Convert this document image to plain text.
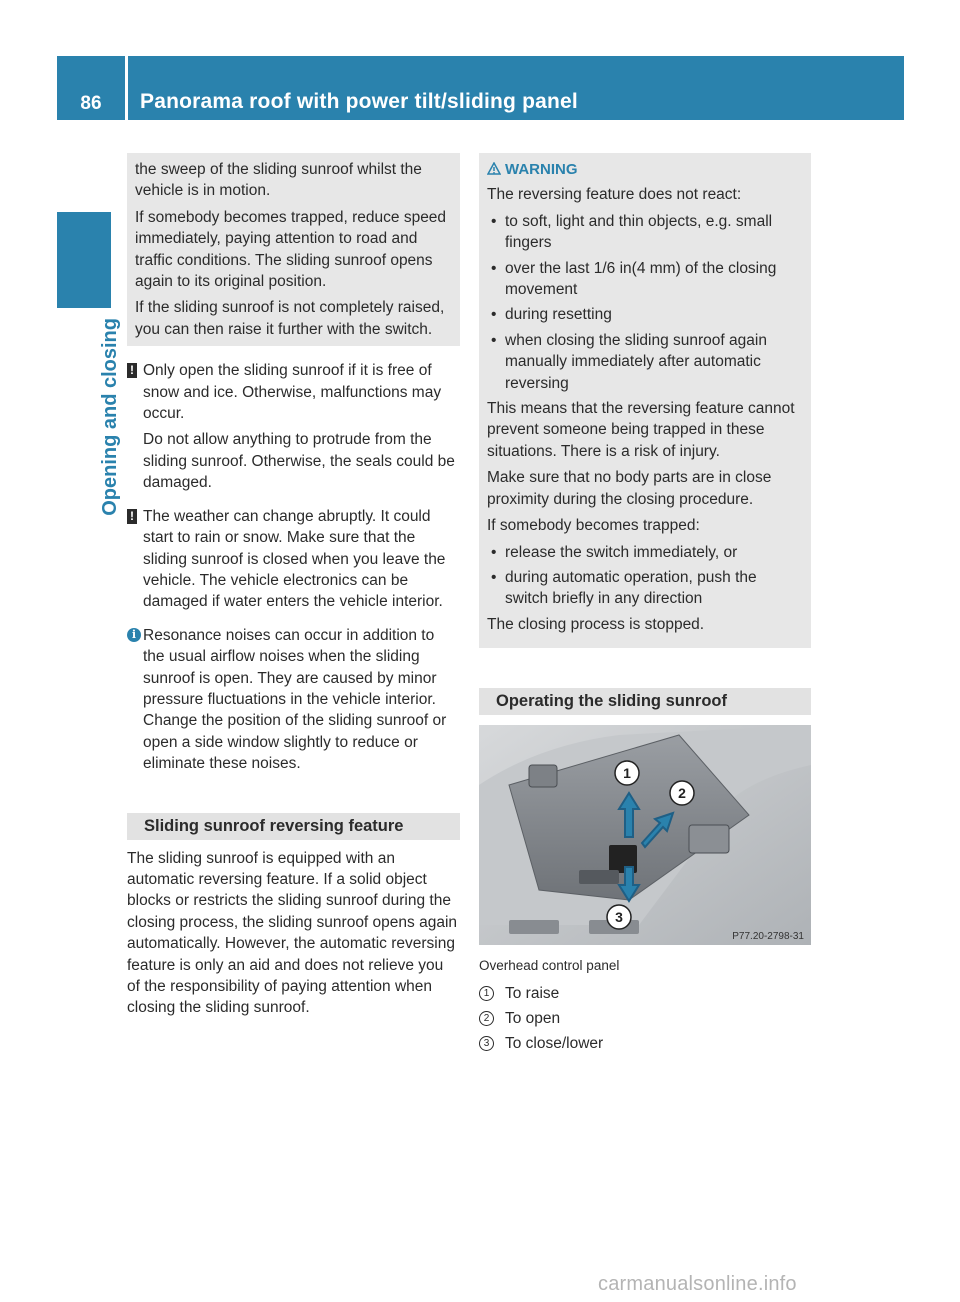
86	Panorama roof with power tilt/sliding panel
Opening and closing

the sweep of the sliding sunroof whilst the vehicle is in motion.

If somebody becomes trapped, reduce speed immediately, paying attention to road and traffic conditions. The sliding sunroof opens again to its original position.

If the sliding sunroof is not completely raised, you can then raise it further with the switch.

! Only open the sliding sunroof if it is free of snow and ice. Otherwise, malfunctions may occur.

Do not allow anything to protrude from the sliding sunroof. Otherwise, the seals could be damaged.

! The weather can change abruptly. It could start to rain or snow. Make sure that the sliding sunroof is closed when you leave the vehicle. The vehicle electronics can be damaged if water enters the vehicle interior.

i Resonance noises can occur in addition to the usual airflow noises when the sliding sunroof is open. They are caused by minor pressure fluctuations in the vehicle interior. Change the position of the sliding sunroof or open a side window slightly to reduce or eliminate these noises.

Sliding sunroof reversing feature

The sliding sunroof is equipped with an automatic reversing feature. If a solid object blocks or restricts the sliding sunroof during the closing process, the sliding sunroof opens again automatically. However, the automatic reversing feature is only an aid and does not relieve you of the responsibility of paying attention when closing the sliding sunroof.

WARNING

The reversing feature does not react:

• to soft, light and thin objects, e.g. small fingers
• over the last 1/6 in(4 mm) of the closing movement
• during resetting
• when closing the sliding sunroof again manually immediately after automatic reversing

This means that the reversing feature cannot prevent someone being trapped in these situations. There is a risk of injury.

Make sure that no body parts are in close proximity during the closing procedure.

If somebody becomes trapped:

• release the switch immediately, or
• during automatic operation, push the switch briefly in any direction

The closing process is stopped.

Operating the sliding sunroof
1
2
3
P77.20-2798-31
Overhead control panel
1	To raise
2	To open
3	To close/lower
carmanualsonline.info
